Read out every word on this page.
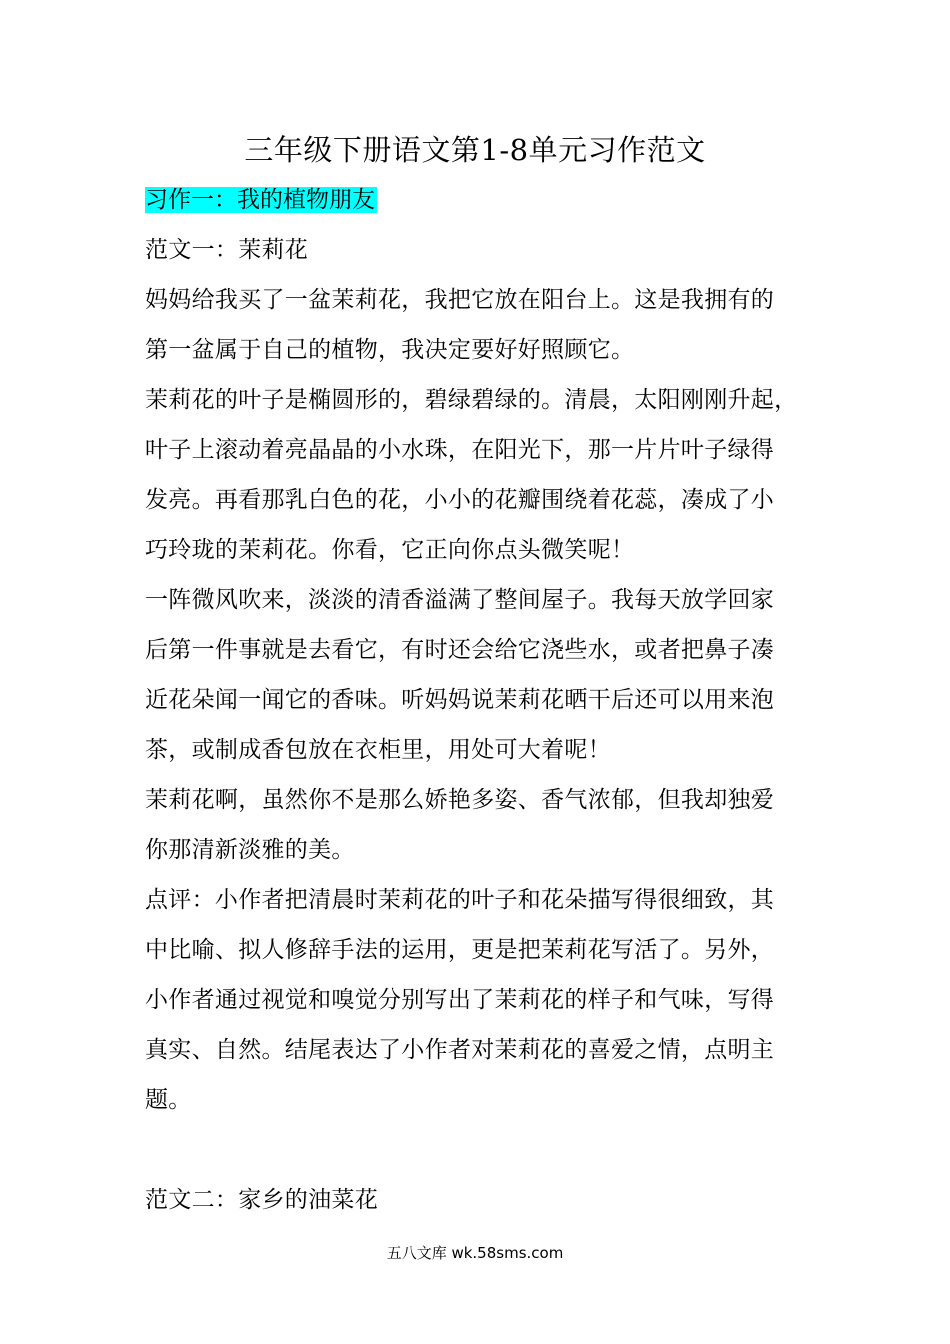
三年级下册语文第1-8单元习作范文
习作一：我的植物朋友
范文一：茉莉花
妈妈给我买了一盆茉莉花，我把它放在阳台上。这是我拥有的
第一盆属于自己的植物，我决定要好好照顾它。
茉莉花的叶子是椭圆形的，碧绿碧绿的。清晨，太阳刚刚升起，
叶子上滚动着亮晶晶的小水珠，在阳光下，那一片片叶子绿得
发亮。再看那乳白色的花，小小的花瓣围绕着花蕊，凑成了小
巧玲珑的茉莉花。你看，它正向你点头微笑呢！
一阵微风吹来，淡淡的清香溢满了整间屋子。我每天放学回家
后第一件事就是去看它，有时还会给它浇些水，或者把鼻子凑
近花朵闻一闻它的香味。听妈妈说茉莉花晒干后还可以用来泡
茶，或制成香包放在衣柜里，用处可大着呢！
茉莉花啊，虽然你不是那么娇艳多姿、香气浓郁，但我却独爱
你那清新淡雅的美。
点评：小作者把清晨时茉莉花的叶子和花朵描写得很细致，其
中比喻、拟人修辞手法的运用，更是把茉莉花写活了。另外，
小作者通过视觉和嗅觉分别写出了茉莉花的样子和气味，写得
真实、自然。结尾表达了小作者对茉莉花的喜爱之情，点明主
题。
范文二：家乡的油菜花
五八文库 wk.58sms.com
